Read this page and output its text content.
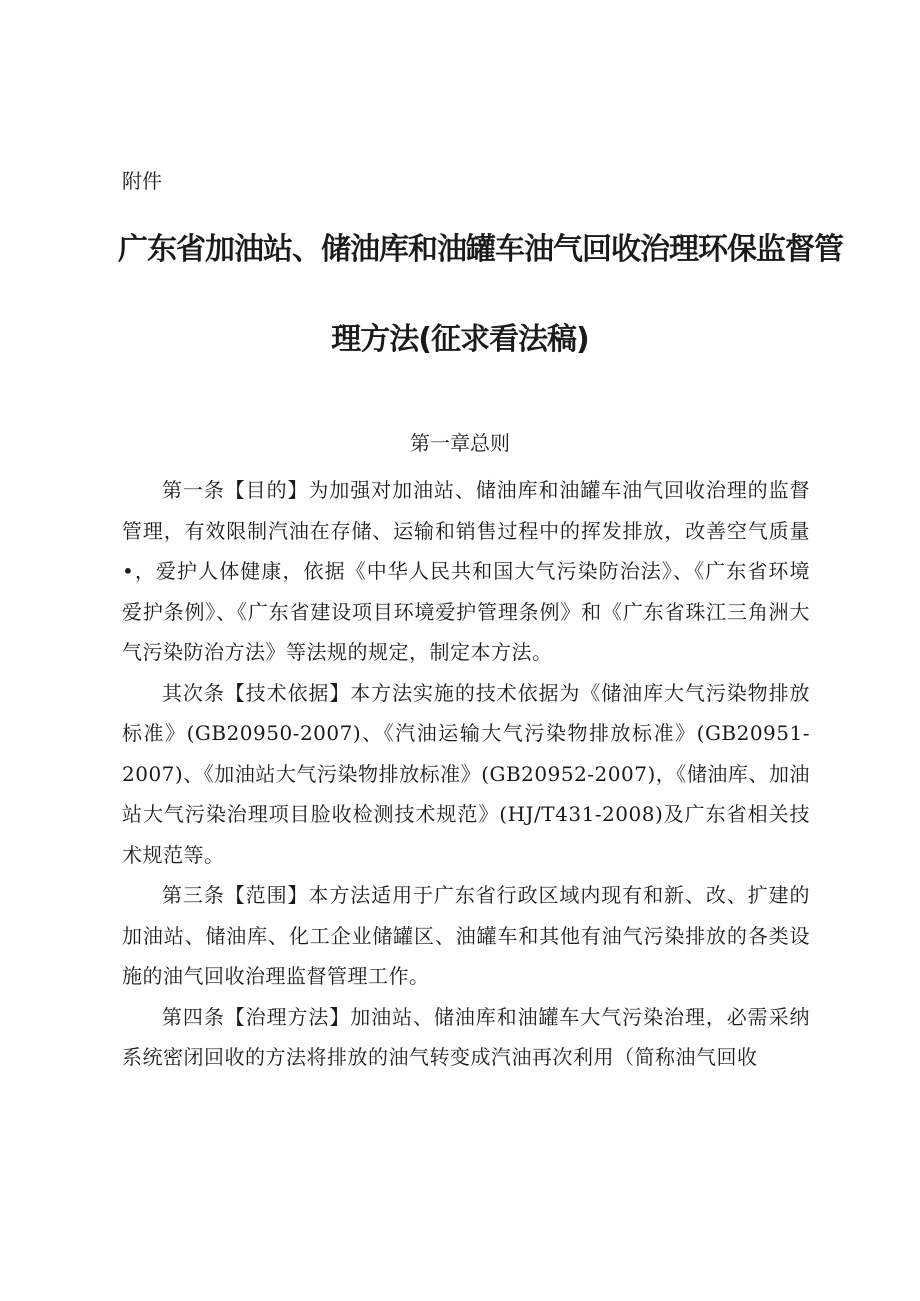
附件
广东省加油站、储油库和油罐车油气回收治理环保监督管
理方法(征求看法稿)
第一章总则

第一条【目的】为加强对加油站、储油库和油罐车油气回收治理的监督管理，有效限制汽油在存储、运输和销售过程中的挥发排放，改善空气质量•，爱护人体健康，依据《中华人民共和国大气污染防治法》、《广东省环境爱护条例》、《广东省建设项目环境爱护管理条例》和《广东省珠江三角洲大气污染防治方法》等法规的规定，制定本方法。

其次条【技术依据】本方法实施的技术依据为《储油库大气污染物排放标准》(GB20950-2007)、《汽油运输大气污染物排放标准》(GB20951-2007)、《加油站大气污染物排放标准》(GB20952-2007)，《储油库、加油站大气污染治理项目脸收检测技术规范》(HJ/T431-2008)及广东省相关技术规范等。

第三条【范围】本方法适用于广东省行政区域内现有和新、改、扩建的加油站、储油库、化工企业储罐区、油罐车和其他有油气污染排放的各类设施的油气回收治理监督管理工作。

第四条【治理方法】加油站、储油库和油罐车大气污染治理，必需采纳系统密闭回收的方法将排放的油气转变成汽油再次利用（简称油气回收
